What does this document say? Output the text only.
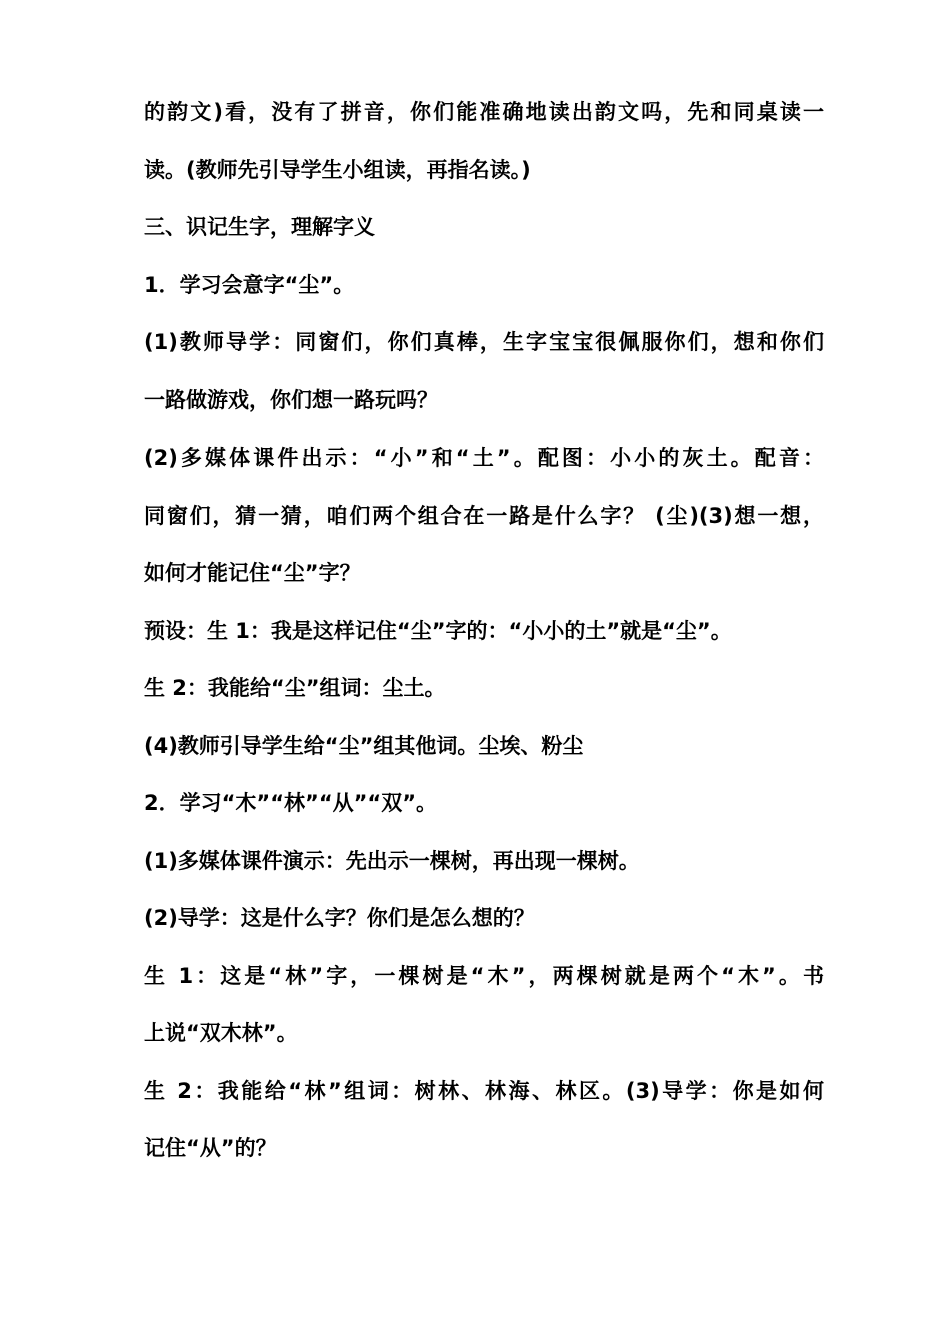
的韵文)看，没有了拼音，你们能准确地读出韵文吗，先和同桌读一
读。(教师先引导学生小组读，再指名读。)
三、识记生字，理解字义
1．学习会意字“尘”。
(1)教师导学：同窗们，你们真棒，生字宝宝很佩服你们，想和你们
一路做游戏，你们想一路玩吗？
(2)多媒体课件出示：“小”和“土”。配图：小小的灰土。配音：
同窗们，猜一猜，咱们两个组合在一路是什么字？ (尘)(3)想一想，
如何才能记住“尘”字？
预设：生 1：我是这样记住“尘”字的：“小小的土”就是“尘”。
生 2：我能给“尘”组词：尘土。
(4)教师引导学生给“尘”组其他词。尘埃、粉尘
2．学习“木”“林”“从”“双”。
(1)多媒体课件演示：先出示一棵树，再出现一棵树。
(2)导学：这是什么字？你们是怎么想的？
生 1：这是“林”字，一棵树是“木”，两棵树就是两个“木”。书
上说“双木林”。
生 2：我能给“林”组词：树林、林海、林区。(3)导学：你是如何
记住“从”的？
